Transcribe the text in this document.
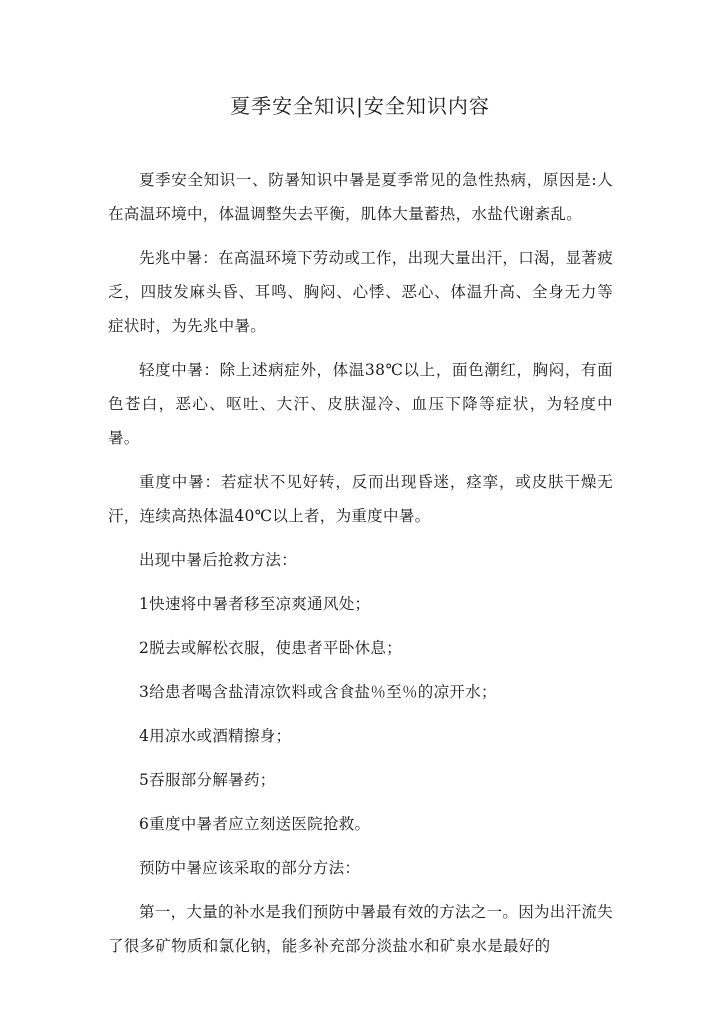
夏季安全知识|安全知识内容

夏季安全知识一、防暑知识中暑是夏季常见的急性热病，原因是:人在高温环境中，体温调整失去平衡，肌体大量蓄热，水盐代谢紊乱。

先兆中暑：在高温环境下劳动或工作，出现大量出汗，口渴，显著疲乏，四肢发麻头昏、耳鸣、胸闷、心悸、恶心、体温升高、全身无力等症状时，为先兆中暑。

轻度中暑：除上述病症外，体温38℃以上，面色潮红，胸闷，有面色苍白，恶心、呕吐、大汗、皮肤湿冷、血压下降等症状，为轻度中暑。

重度中暑：若症状不见好转，反而出现昏迷，痉挛，或皮肤干燥无汗，连续高热体温40℃以上者，为重度中暑。

出现中暑后抢救方法：

1快速将中暑者移至凉爽通风处；

2脱去或解松衣服，使患者平卧休息；

3给患者喝含盐清凉饮料或含食盐％至％的凉开水；

4用凉水或酒精擦身；

5吞服部分解暑药；

6重度中暑者应立刻送医院抢救。

预防中暑应该采取的部分方法：

第一，大量的补水是我们预防中暑最有效的方法之一。因为出汗流失了很多矿物质和氯化钠，能多补充部分淡盐水和矿泉水是最好的
